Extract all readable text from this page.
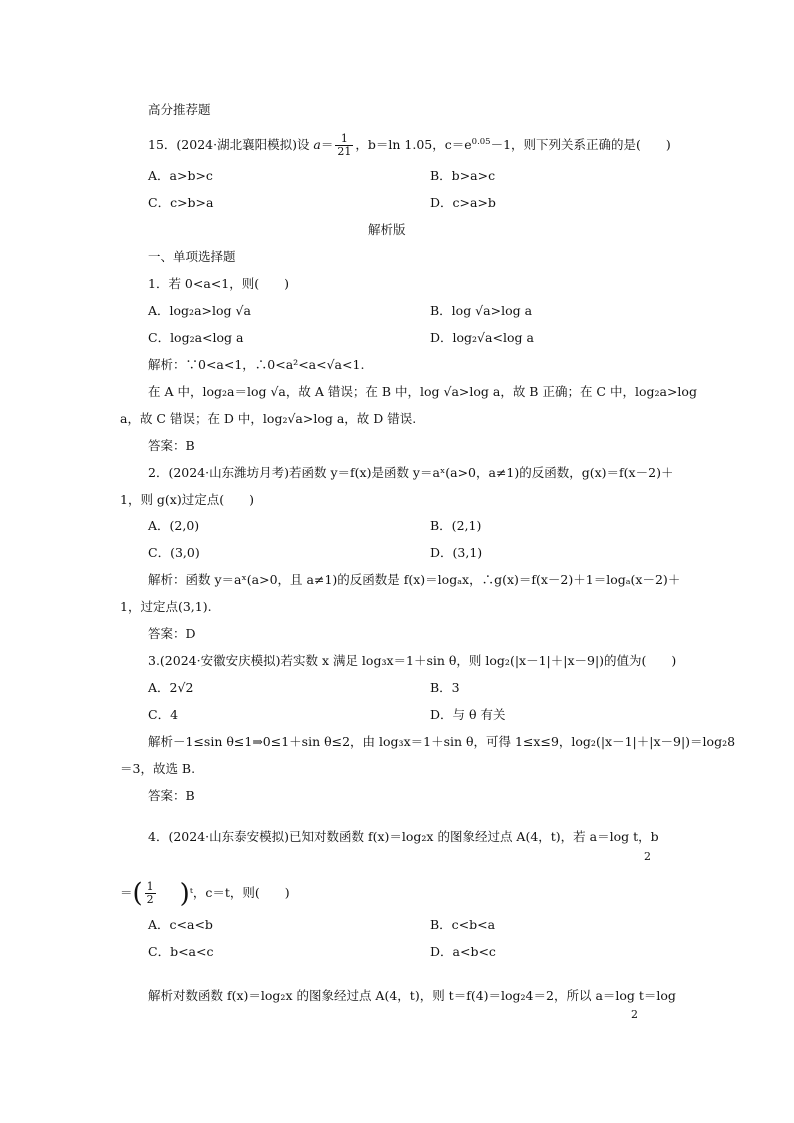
高分推荐题
15．(2024·湖北襄阳模拟)设 $a= \frac{1}{21}$ ，b＝ln 1.05，$c=e^{0.05}-1$，则下列关系正确的是(　　)
A．a>b>c	B．b>a>c
C．c>b>a	D．c>a>b
解析版
一、单项选择题
1．若 0<a<1，则(　　)
A．log₂a>log √a	B．log √a>log a
C．log₂a<log a	D．log₂√a<log a
解析：∵0<a<1，∴0<a²<a<√a<1.
在 A 中，log₂a＝log √a，故 A 错误；在 B 中，log √a>log a，故 B 正确；在 C 中，log₂a>log
a，故 C 错误；在 D 中，log₂√a>log a，故 D 错误.
答案：B
2．(2024·山东潍坊月考)若函数 y＝f(x)是函数 y＝aˣ(a>0，a≠1)的反函数，g(x)＝f(x－2)＋
1，则 g(x)过定点(　　)
A．(2,0)	B．(2,1)
C．(3,0)	D．(3,1)
解析：函数 y＝aˣ(a>0，且 a≠1)的反函数是 f(x)＝logₐx，∴g(x)＝f(x－2)＋1＝logₐ(x－2)＋
1，过定点(3,1).
答案：D
3.(2024·安徽安庆模拟)若实数 x 满足 log₃x＝1＋sin θ，则 log₂(|x－1|＋|x－9|)的值为(　　)
A．2√2	B．3
C．4	D．与 θ 有关
解析－1≤sin θ≤1⇒0≤1＋sin θ≤2，由 log₃x＝1＋sin θ，可得 1≤x≤9，log₂(|x－1|＋|x－9|)＝log₂8
＝3，故选 B.
答案：B
4．(2024·山东泰安模拟)已知对数函数 f(x)＝log₂x 的图象经过点 A(4，t)，若 a＝log t，b
2
＝( $\frac{1}{2}$ )ᵗ，c＝t，则(　　)
A．c<a<b	B．c<b<a
C．b<a<c	D．a<b<c
解析对数函数 f(x)＝log₂x 的图象经过点 A(4，t)，则 t＝f(4)＝log₂4＝2，所以 a＝log t＝log
2
